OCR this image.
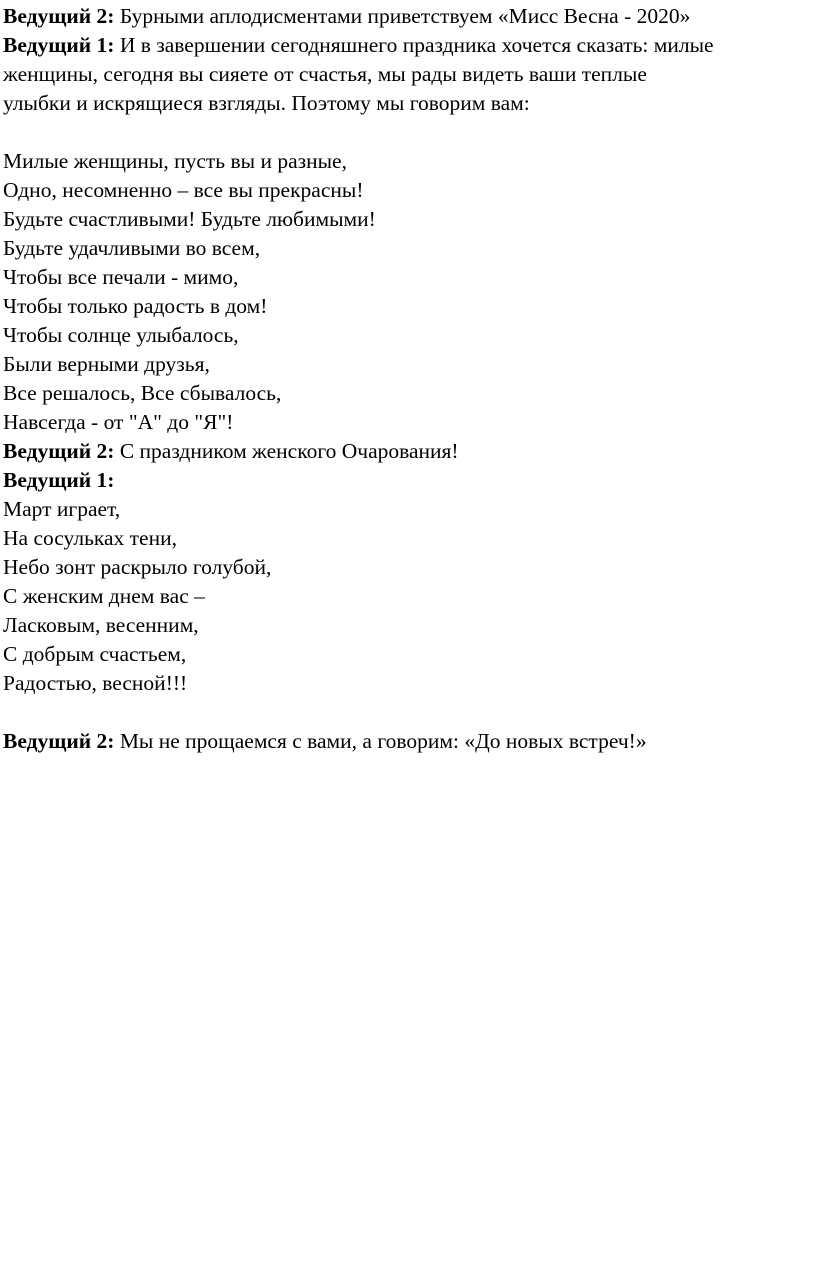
Ведущий 2: Бурными аплодисментами приветствуем «Мисс Весна - 2020»
Ведущий 1: И в завершении сегодняшнего праздника хочется сказать: милые
женщины, сегодня вы сияете от счастья, мы рады видеть ваши теплые
улыбки и искрящиеся взгляды. Поэтому мы говорим вам:
Милые женщины, пусть вы и разные,
Одно, несомненно – все вы прекрасны!
Будьте счастливыми! Будьте любимыми!
Будьте удачливыми во всем,
Чтобы все печали - мимо,
Чтобы только радость в дом!
Чтобы солнце улыбалось,
Были верными друзья,
Все решалось, Все сбывалось,
Навсегда - от "А" до "Я"!
Ведущий 2: С праздником женского Очарования!
Ведущий 1:
Март играет,
На сосульках тени,
Небо зонт раскрыло голубой,
С женским днем вас –
Ласковым, весенним,
С добрым счастьем,
Радостью, весной!!!
Ведущий 2: Мы не прощаемся с вами, а говорим: «До новых встреч!»
